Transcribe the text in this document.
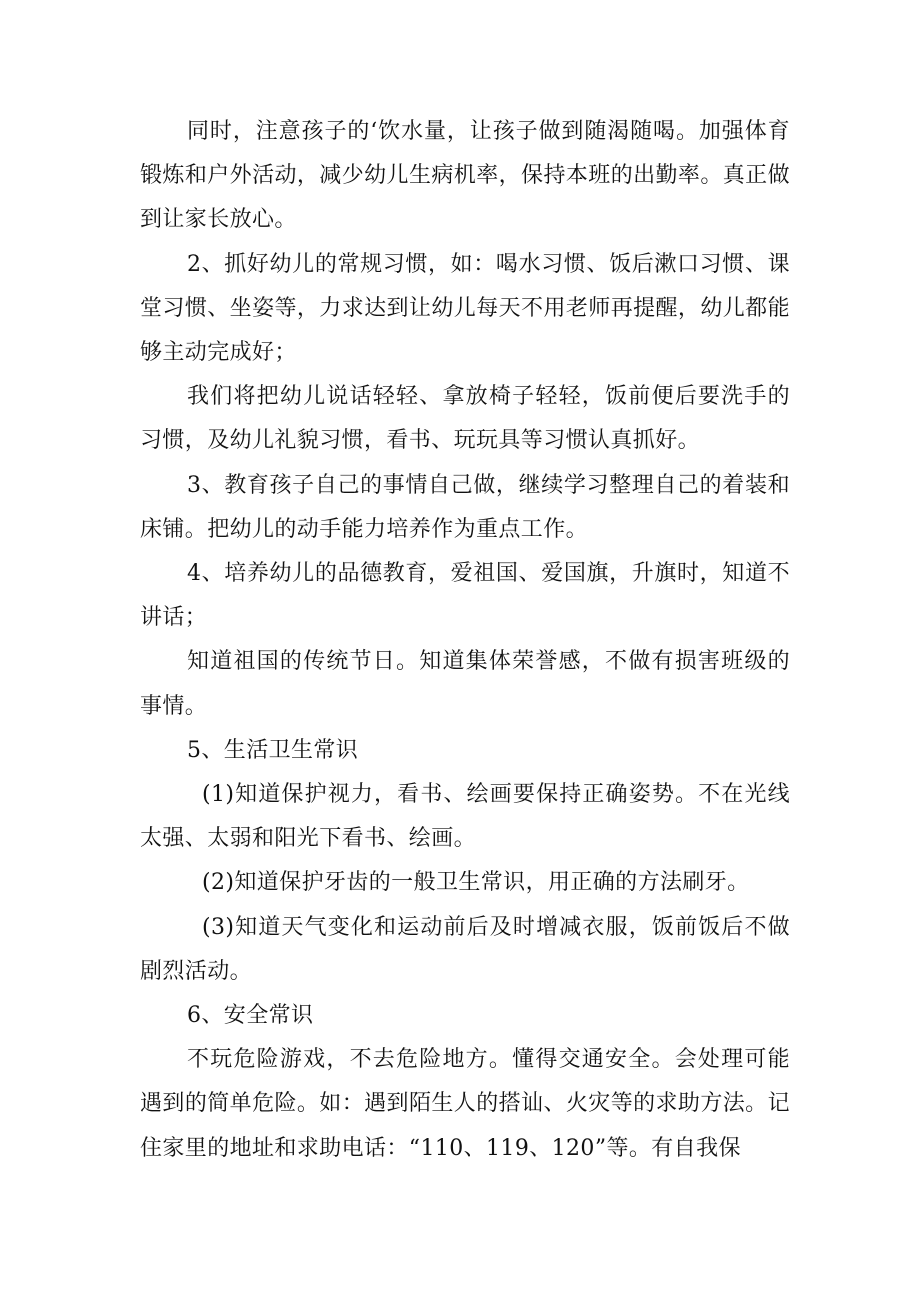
同时，注意孩子的‘饮水量，让孩子做到随渴随喝。加强体育锻炼和户外活动，减少幼儿生病机率，保持本班的出勤率。真正做到让家长放心。

2、抓好幼儿的常规习惯，如：喝水习惯、饭后漱口习惯、课堂习惯、坐姿等，力求达到让幼儿每天不用老师再提醒，幼儿都能够主动完成好；

我们将把幼儿说话轻轻、拿放椅子轻轻，饭前便后要洗手的习惯，及幼儿礼貌习惯，看书、玩玩具等习惯认真抓好。

3、教育孩子自己的事情自己做，继续学习整理自己的着装和床铺。把幼儿的动手能力培养作为重点工作。

4、培养幼儿的品德教育，爱祖国、爱国旗，升旗时，知道不讲话；

知道祖国的传统节日。知道集体荣誉感，不做有损害班级的事情。

5、生活卫生常识

(1)知道保护视力，看书、绘画要保持正确姿势。不在光线太强、太弱和阳光下看书、绘画。

(2)知道保护牙齿的一般卫生常识，用正确的方法刷牙。

(3)知道天气变化和运动前后及时增减衣服，饭前饭后不做剧烈活动。

6、安全常识

不玩危险游戏，不去危险地方。懂得交通安全。会处理可能遇到的简单危险。如：遇到陌生人的搭讪、火灾等的求助方法。记住家里的地址和求助电话：“110、119、120”等。有自我保
